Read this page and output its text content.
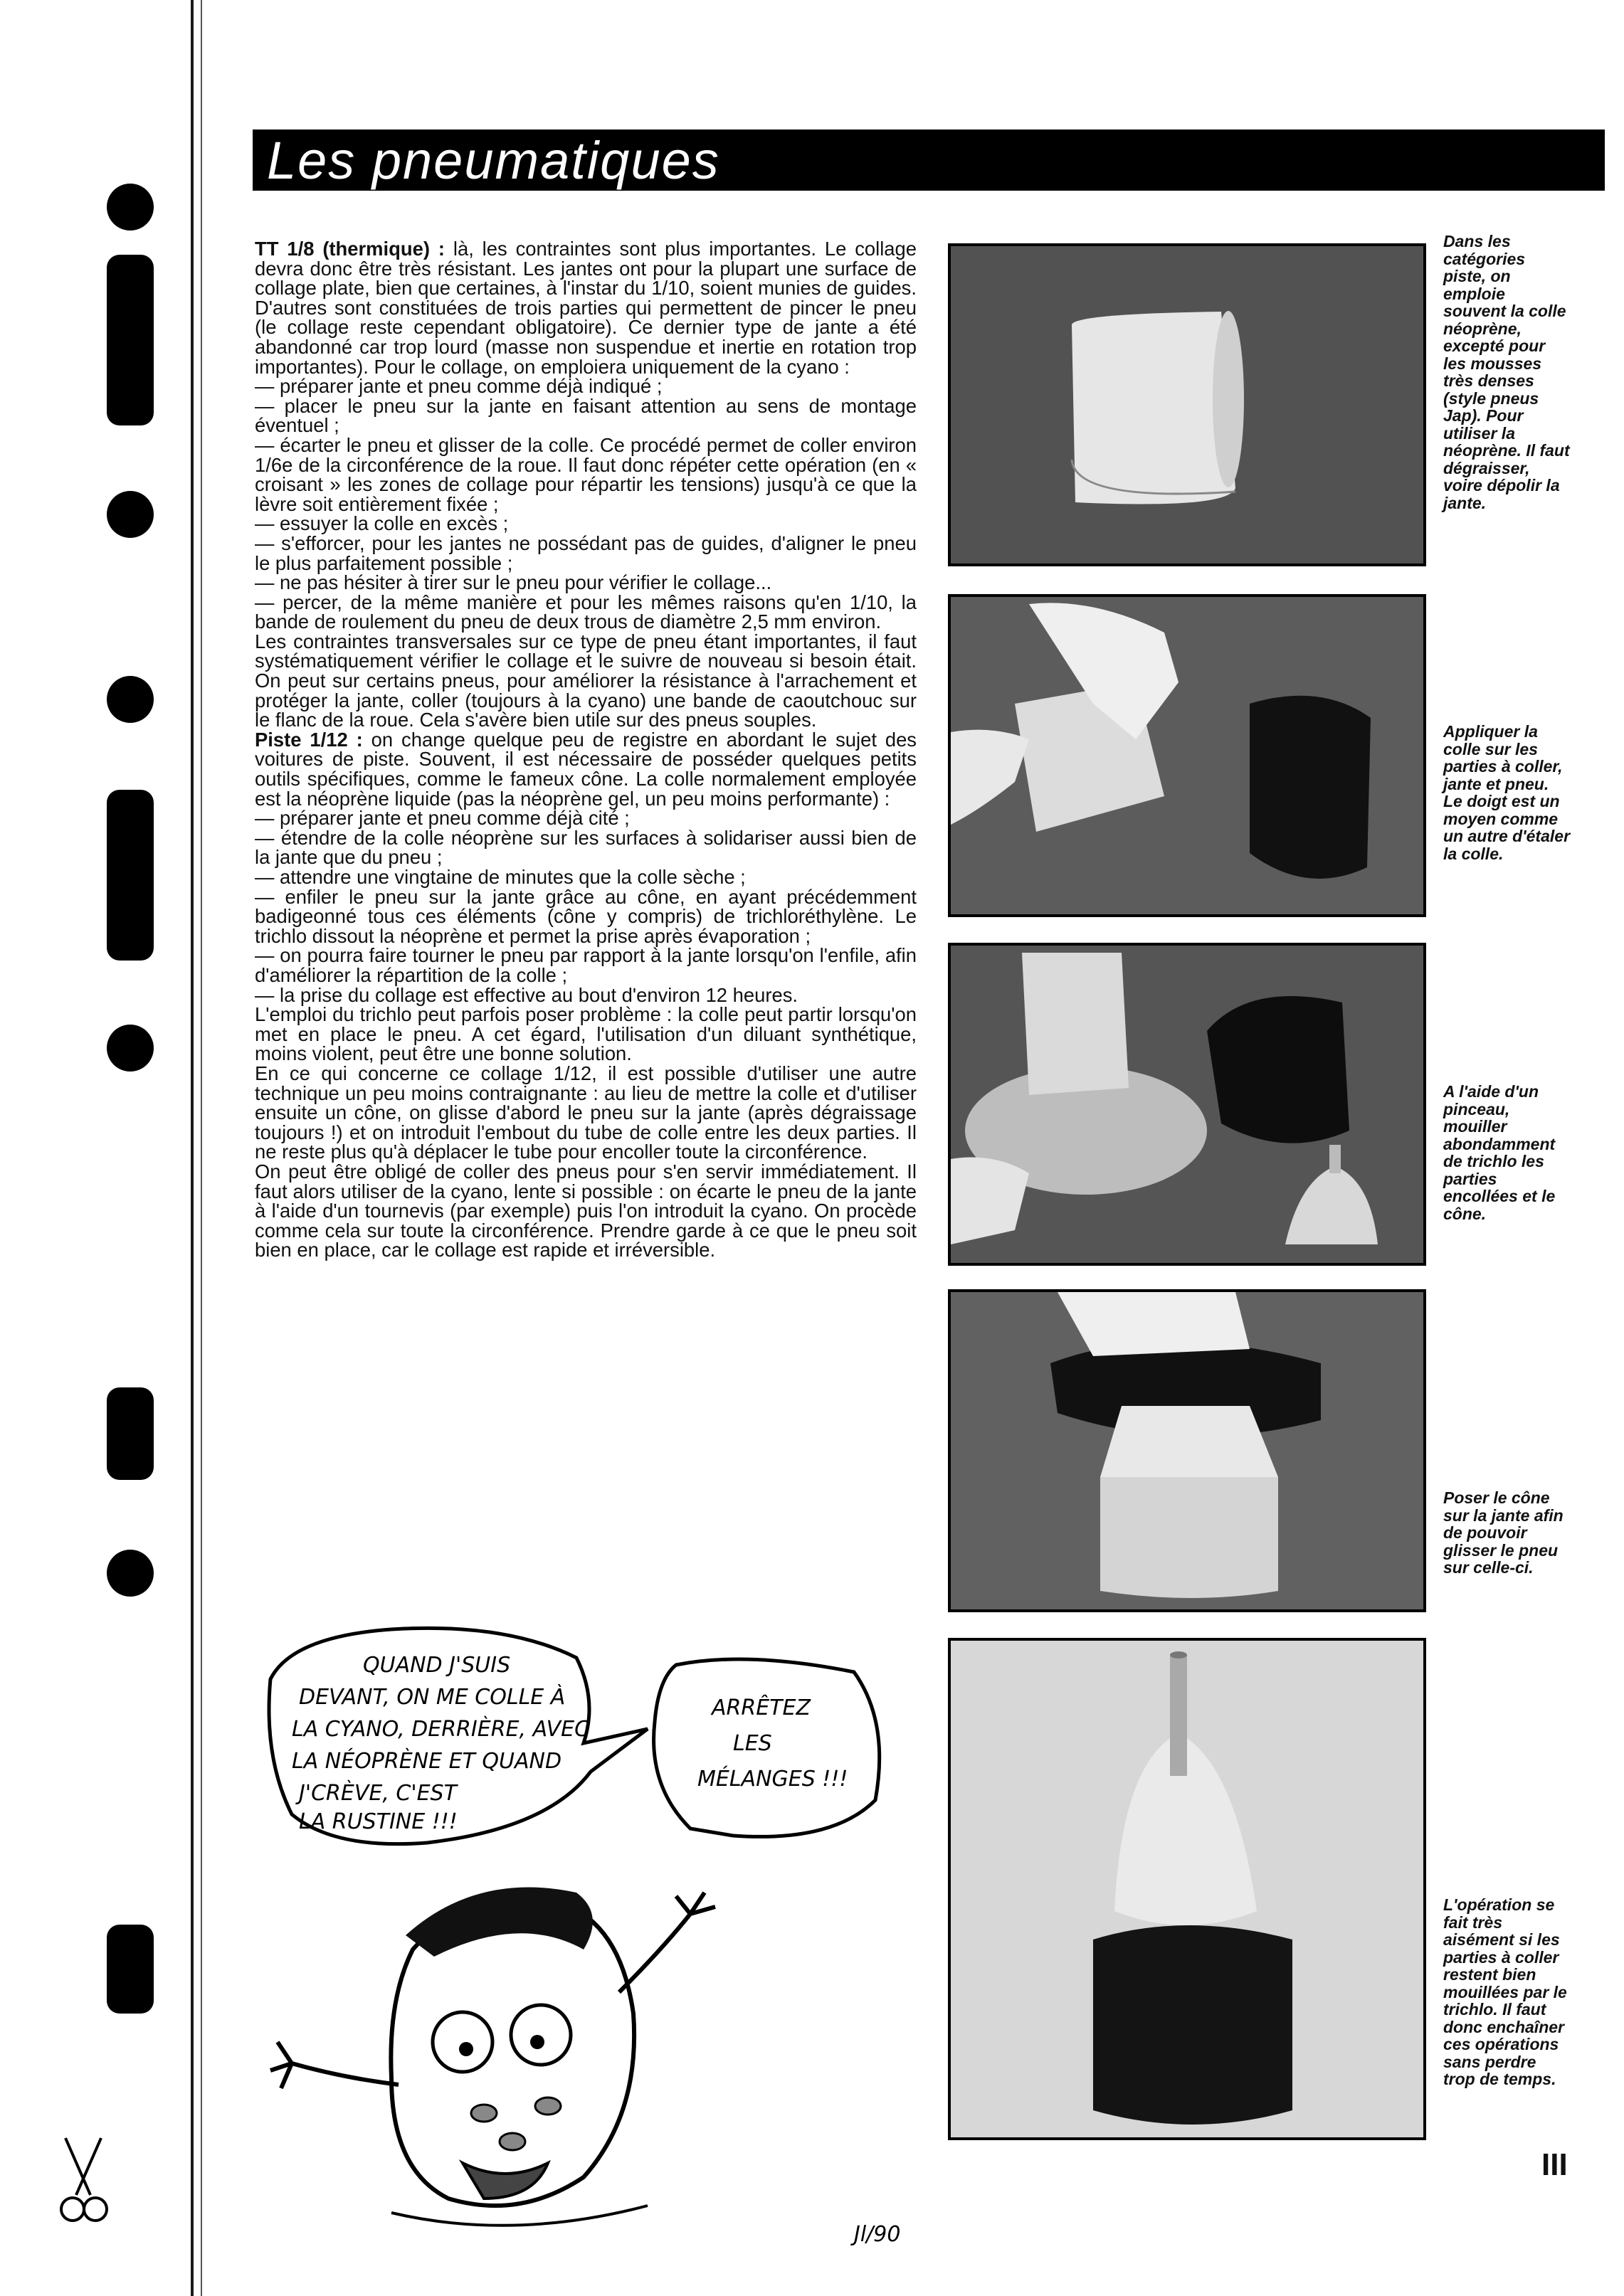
Les pneumatiques

TT 1/8 (thermique) : là, les contraintes sont plus importantes. Le collage devra donc être très résistant. Les jantes ont pour la plupart une surface de collage plate, bien que certaines, à l'instar du 1/10, soient munies de guides. D'autres sont constituées de trois parties qui permettent de pincer le pneu (le collage reste cependant obligatoire). Ce dernier type de jante a été abandonné car trop lourd (masse non suspendue et inertie en rotation trop importantes). Pour le collage, on emploiera uniquement de la cyano :

— préparer jante et pneu comme déjà indiqué ;

— placer le pneu sur la jante en faisant attention au sens de montage éventuel ;

— écarter le pneu et glisser de la colle. Ce procédé permet de coller environ 1/6e de la circonférence de la roue. Il faut donc répéter cette opération (en « croisant » les zones de collage pour répartir les tensions) jusqu'à ce que la lèvre soit entièrement fixée ;

— essuyer la colle en excès ;

— s'efforcer, pour les jantes ne possédant pas de guides, d'aligner le pneu le plus parfaitement possible ;

— ne pas hésiter à tirer sur le pneu pour vérifier le collage...

— percer, de la même manière et pour les mêmes raisons qu'en 1/10, la bande de roulement du pneu de deux trous de diamètre 2,5 mm environ.

Les contraintes transversales sur ce type de pneu étant importantes, il faut systématiquement vérifier le collage et le suivre de nouveau si besoin était. On peut sur certains pneus, pour améliorer la résistance à l'arrachement et protéger la jante, coller (toujours à la cyano) une bande de caoutchouc sur le flanc de la roue. Cela s'avère bien utile sur des pneus souples.

Piste 1/12 : on change quelque peu de registre en abordant le sujet des voitures de piste. Souvent, il est nécessaire de posséder quelques petits outils spécifiques, comme le fameux cône. La colle normalement employée est la néoprène liquide (pas la néoprène gel, un peu moins performante) :

— préparer jante et pneu comme déjà cité ;

— étendre de la colle néoprène sur les surfaces à solidariser aussi bien de la jante que du pneu ;

— attendre une vingtaine de minutes que la colle sèche ;

— enfiler le pneu sur la jante grâce au cône, en ayant précédemment badigeonné tous ces éléments (cône y compris) de trichloréthylène. Le trichlo dissout la néoprène et permet la prise après évaporation ;

— on pourra faire tourner le pneu par rapport à la jante lorsqu'on l'enfile, afin d'améliorer la répartition de la colle ;

— la prise du collage est effective au bout d'environ 12 heures.

L'emploi du trichlo peut parfois poser problème : la colle peut partir lorsqu'on met en place le pneu. A cet égard, l'utilisation d'un diluant synthétique, moins violent, peut être une bonne solution.

En ce qui concerne ce collage 1/12, il est possible d'utiliser une autre technique un peu moins contraignante : au lieu de mettre la colle et d'utiliser ensuite un cône, on glisse d'abord le pneu sur la jante (après dégraissage toujours !) et on introduit l'embout du tube de colle entre les deux parties. Il ne reste plus qu'à déplacer le tube pour encoller toute la circonférence.

On peut être obligé de coller des pneus pour s'en servir immédiatement. Il faut alors utiliser de la cyano, lente si possible : on écarte le pneu de la jante à l'aide d'un tournevis (par exemple) puis l'on introduit la cyano. On procède comme cela sur toute la circonférence. Prendre garde à ce que le pneu soit bien en place, car le collage est rapide et irréversible.

Dans les catégories piste, on emploie souvent la colle néoprène, excepté pour les mousses très denses (style pneus Jap). Pour utiliser la néoprène. Il faut dégraisser, voire dépolir la jante.
Appliquer la colle sur les parties à coller, jante et pneu. Le doigt est un moyen comme un autre d'étaler la colle.
A l'aide d'un pinceau, mouiller abondamment de trichlo les parties encollées et le cône.
Poser le cône sur la jante afin de pouvoir glisser le pneu sur celle-ci.
L'opération se fait très aisément si les parties à coller restent bien mouillées par le trichlo. Il faut donc enchaîner ces opérations sans perdre trop de temps.
QUAND J'SUIS
DEVANT, ON ME COLLE À
LA CYANO, DERRIÈRE, AVEC
LA NÉOPRÈNE ET QUAND
J'CRÈVE, C'EST
LA RUSTINE !!!
ARRÊTEZ
LES
MÉLANGES !!!
Jl/90
III
